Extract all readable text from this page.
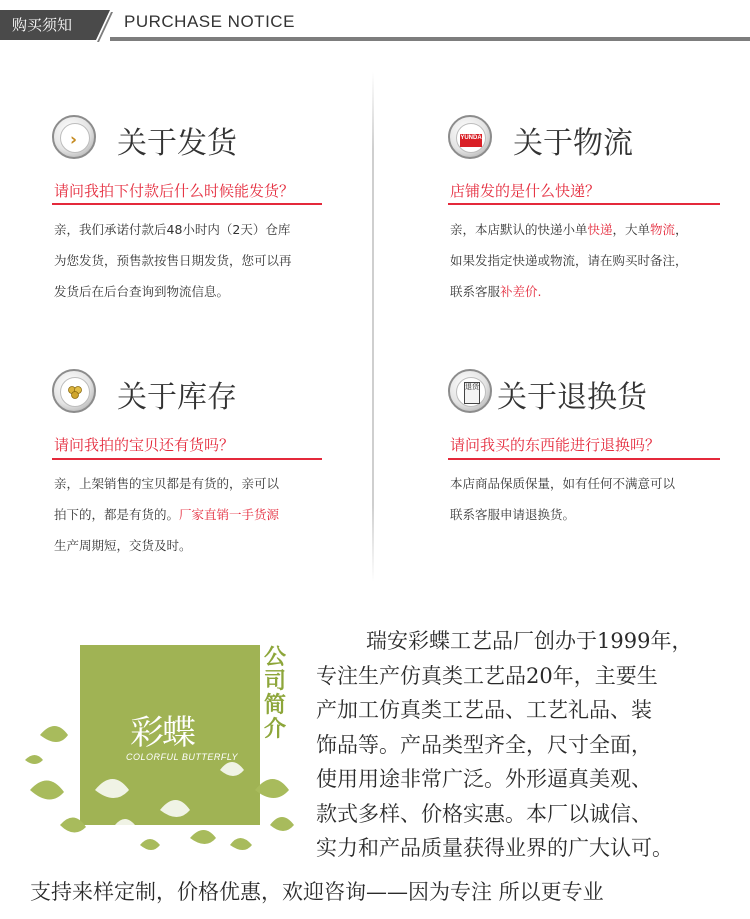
购买须知	PURCHASE NOTICE
› 关于发货
请问我拍下付款后什么时候能发货？
亲，我们承诺付款后48小时内（2天）仓库
为您发货，预售款按售日期发货，您可以再
发货后在后台查询到物流信息。
YUNDA 关于物流
店铺发的是什么快递？
亲，本店默认的快递小单快递，大单物流，
如果发指定快递或物流，请在购买时备注，
联系客服补差价.
关于库存
请问我拍的宝贝还有货吗？
亲，上架销售的宝贝都是有货的，亲可以
拍下的，都是有货的。厂家直销一手货源
生产周期短，交货及时。
退货 关于退换货
请问我买的东西能进行退换吗？
本店商品保质保量，如有任何不满意可以
联系客服申请退换货。
彩蝶
COLORFUL BUTTERFLY
公司简介
瑞安彩蝶工艺品厂创办于1999年，
专注生产仿真类工艺品20年，主要生
产加工仿真类工艺品、工艺礼品、装
饰品等。产品类型齐全，尺寸全面，
使用用途非常广泛。外形逼真美观、
款式多样、价格实惠。本厂以诚信、
实力和产品质量获得业界的广大认可。
支持来样定制，价格优惠，欢迎咨询——因为专注 所以更专业
